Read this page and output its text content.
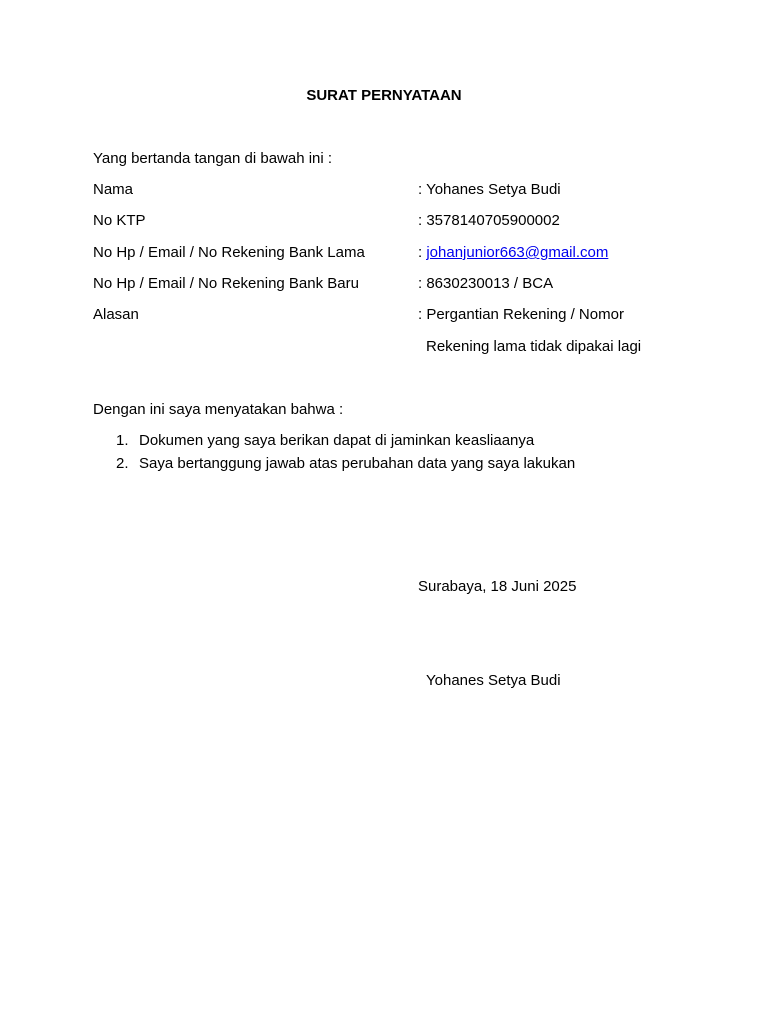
SURAT PERNYATAAN
Yang bertanda tangan di bawah ini :
Nama	: Yohanes Setya Budi
No KTP	: 3578140705900002
No Hp / Email / No Rekening Bank Lama	: johanjunior663@gmail.com
No Hp / Email / No Rekening Bank Baru	: 8630230013 / BCA
Alasan	: Pergantian Rekening / Nomor
Rekening lama tidak dipakai lagi
Dengan ini saya menyatakan bahwa :
1. Dokumen yang saya berikan dapat di jaminkan keasliaanya
2. Saya bertanggung jawab atas perubahan data yang saya lakukan
Surabaya, 18 Juni 2025
Yohanes Setya Budi
